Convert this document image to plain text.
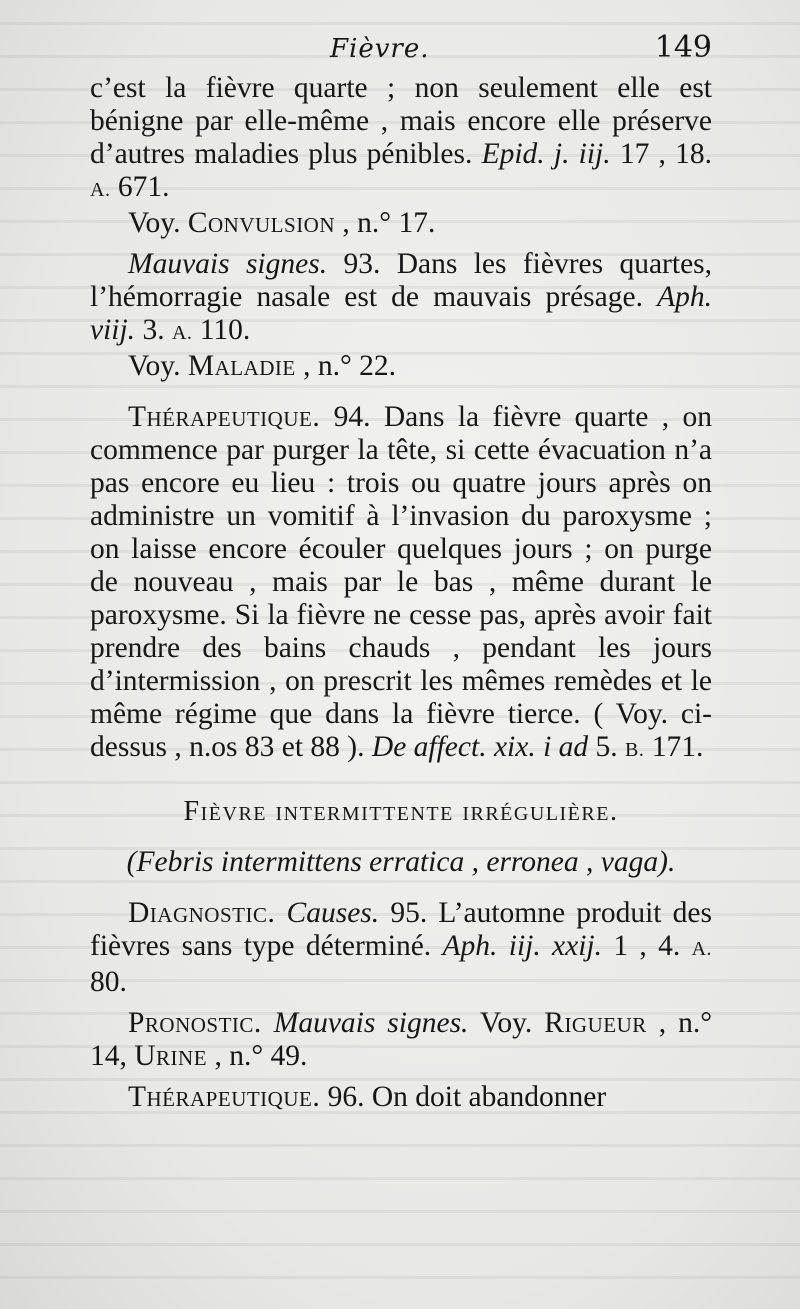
Fièvre.	149

c’est la fièvre quarte ; non seulement elle est bénigne par elle-même , mais encore elle préserve d’autres maladies plus pénibles. Epid. j. iij. 17 , 18. A. 671.

Voy. Convulsion , n.° 17.

Mauvais signes. 93. Dans les fièvres quartes, l’hémorragie nasale est de mauvais présage. Aph. viij. 3. A. 110.

Voy. Maladie , n.° 22.

Thérapeutique. 94. Dans la fièvre quarte , on commence par purger la tête, si cette évacuation n’a pas encore eu lieu : trois ou quatre jours après on administre un vomitif à l’invasion du paroxysme ; on laisse encore écouler quelques jours ; on purge de nouveau , mais par le bas , même durant le paroxysme. Si la fièvre ne cesse pas, après avoir fait prendre des bains chauds , pendant les jours d’intermission , on prescrit les mêmes remèdes et le même régime que dans la fièvre tierce. ( Voy. ci-dessus , n.os 83 et 88 ). De affect. xix. i ad 5. B. 171.

Fièvre intermittente irrégulière.

(Febris intermittens erratica , erronea , vaga).

Diagnostic. Causes. 95. L’automne produit des fièvres sans type déterminé. Aph. iij. xxij. 1 , 4. A. 80.

Pronostic. Mauvais signes. Voy. Rigueur , n.° 14, Urine , n.° 49.

Thérapeutique. 96. On doit abandonner
